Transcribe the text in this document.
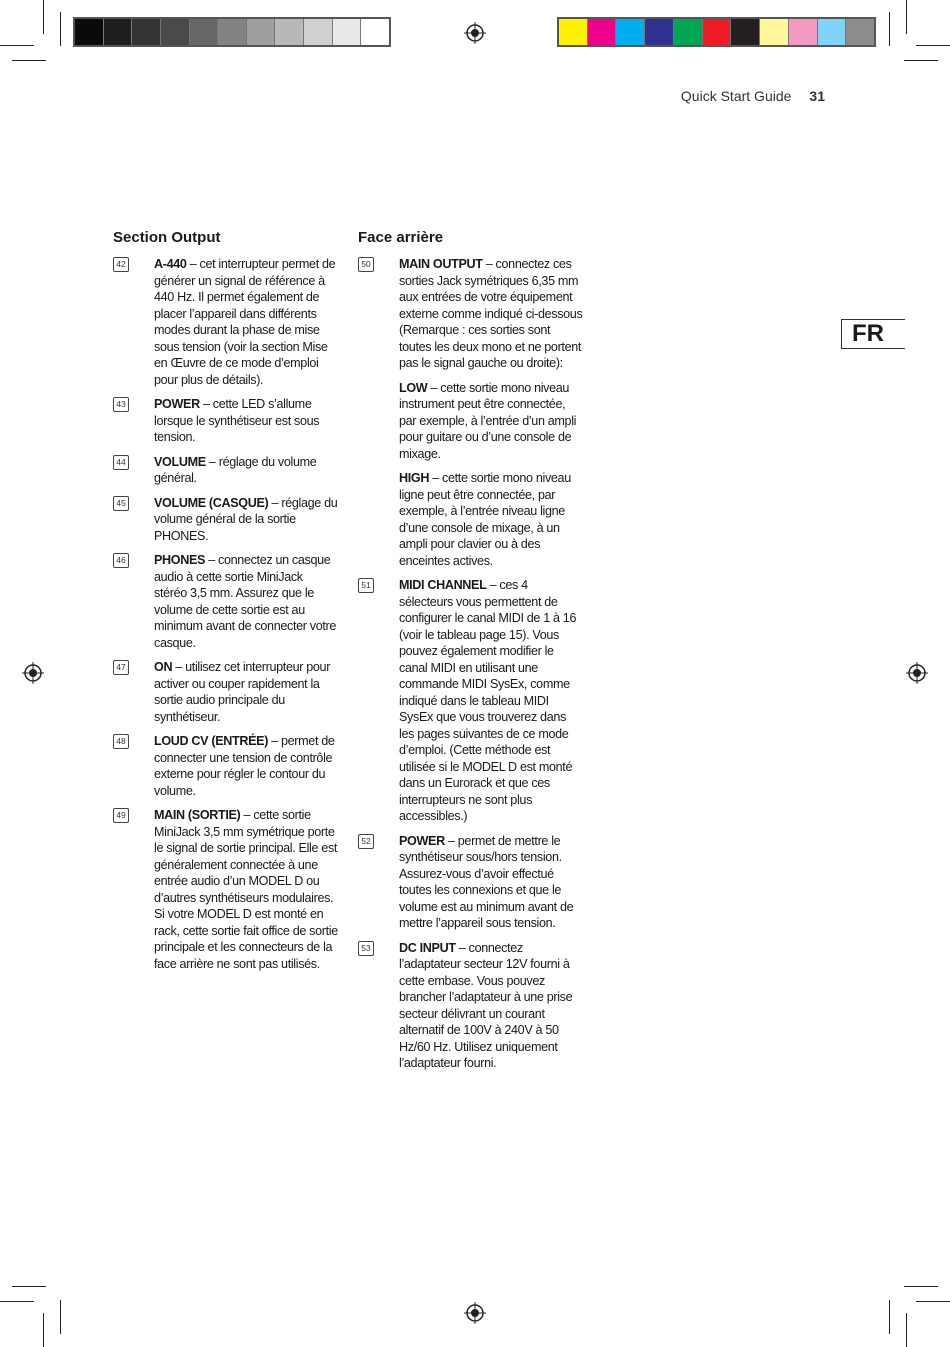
Quick Start Guide 31
FR
Section Output
42 A-440 – cet interrupteur permet de générer un signal de référence à 440 Hz. Il permet également de placer l’appareil dans différents modes durant la phase de mise sous tension (voir la section Mise en Œuvre de ce mode d’emploi pour plus de détails).
43 POWER – cette LED s’allume lorsque le synthétiseur est sous tension.
44 VOLUME – réglage du volume général.
45 VOLUME (CASQUE) – réglage du volume général de la sortie PHONES.
46 PHONES – connectez un casque audio à cette sortie MiniJack stéréo 3,5 mm. Assurez que le volume de cette sortie est au minimum avant de connecter votre casque.
47 ON – utilisez cet interrupteur pour activer ou couper rapidement la sortie audio principale du synthétiseur.
48 LOUD CV (ENTRÉE) – permet de connecter une tension de contrôle externe pour régler le contour du volume.
49 MAIN (SORTIE) – cette sortie MiniJack 3,5 mm symétrique porte le signal de sortie principal. Elle est généralement connectée à une entrée audio d’un MODEL D ou d’autres synthétiseurs modulaires. Si votre MODEL D est monté en rack, cette sortie fait office de sortie principale et les connecteurs de la face arrière ne sont pas utilisés.
Face arrière
50 MAIN OUTPUT – connectez ces sorties Jack symétriques 6,35 mm aux entrées de votre équipement externe comme indiqué ci-dessous (Remarque : ces sorties sont toutes les deux mono et ne portent pas le signal gauche ou droite):
LOW – cette sortie mono niveau instrument peut être connectée, par exemple, à l’entrée d’un ampli pour guitare ou d’une console de mixage.
HIGH – cette sortie mono niveau ligne peut être connectée, par exemple, à l’entrée niveau ligne d’une console de mixage, à un ampli pour clavier ou à des enceintes actives.
51 MIDI CHANNEL – ces 4 sélecteurs vous permettent de configurer le canal MIDI de 1 à 16 (voir le tableau page 15). Vous pouvez également modifier le canal MIDI en utilisant une commande MIDI SysEx, comme indiqué dans le tableau MIDI SysEx que vous trouverez dans les pages suivantes de ce mode d’emploi. (Cette méthode est utilisée si le MODEL D est monté dans un Eurorack et que ces interrupteurs ne sont plus accessibles.)
52 POWER – permet de mettre le synthétiseur sous/hors tension. Assurez-vous d’avoir effectué toutes les connexions et que le volume est au minimum avant de mettre l’appareil sous tension.
53 DC INPUT – connectez l’adaptateur secteur 12V fourni à cette embase. Vous pouvez brancher l’adaptateur à une prise secteur délivrant un courant alternatif de 100V à 240V à 50 Hz/60 Hz. Utilisez uniquement l’adaptateur fourni.
